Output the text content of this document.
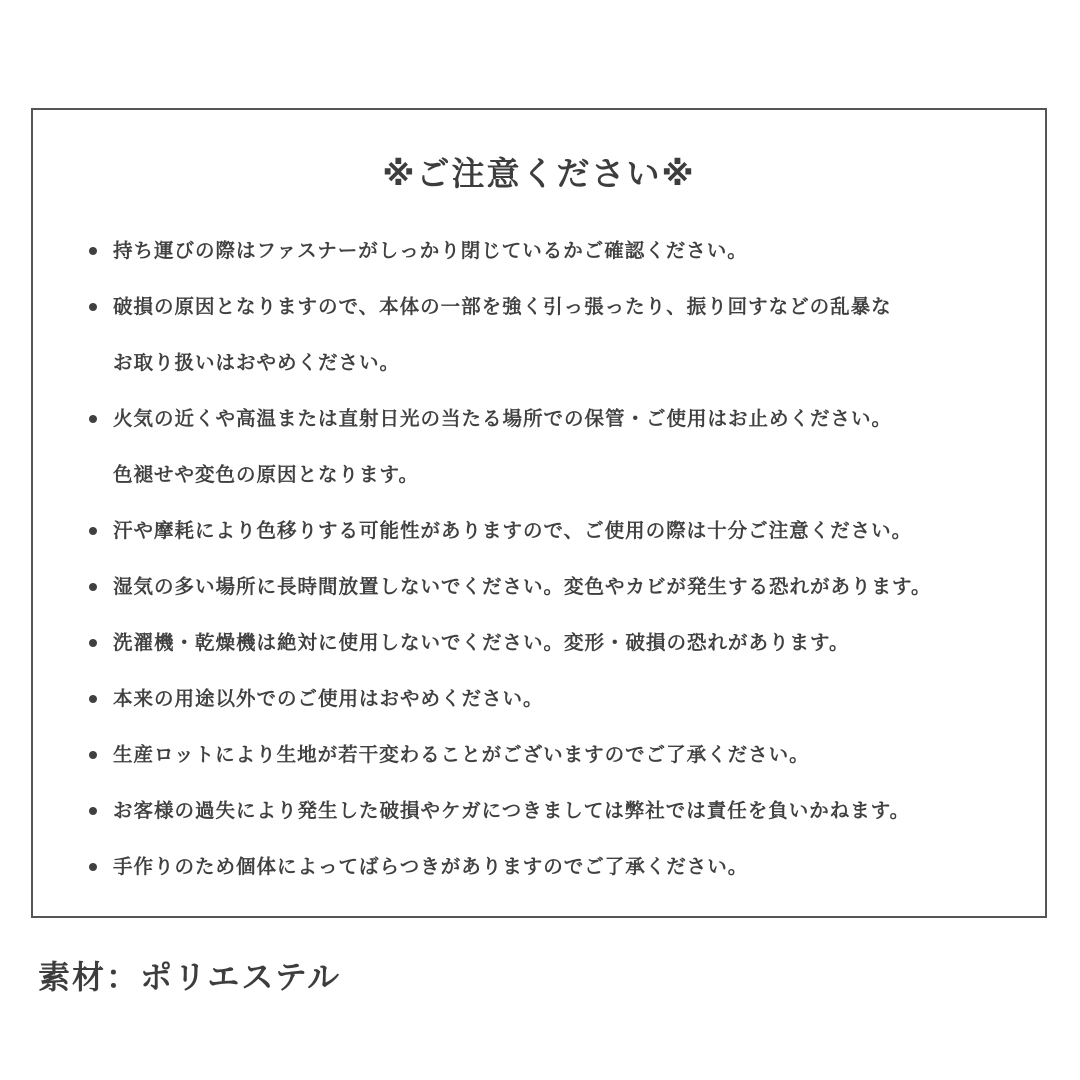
※ご注意ください※
持ち運びの際はファスナーがしっかり閉じているかご確認ください。
破損の原因となりますので、本体の一部を強く引っ張ったり、振り回すなどの乱暴な
お取り扱いはおやめください。
火気の近くや高温または直射日光の当たる場所での保管・ご使用はお止めください。
色褪せや変色の原因となります。
汗や摩耗により色移りする可能性がありますので、ご使用の際は十分ご注意ください。
湿気の多い場所に長時間放置しないでください。変色やカビが発生する恐れがあります。
洗濯機・乾燥機は絶対に使用しないでください。変形・破損の恐れがあります。
本来の用途以外でのご使用はおやめください。
生産ロットにより生地が若干変わることがございますのでご了承ください。
お客様の過失により発生した破損やケガにつきましては弊社では責任を負いかねます。
手作りのため個体によってばらつきがありますのでご了承ください。
素材：ポリエステル
